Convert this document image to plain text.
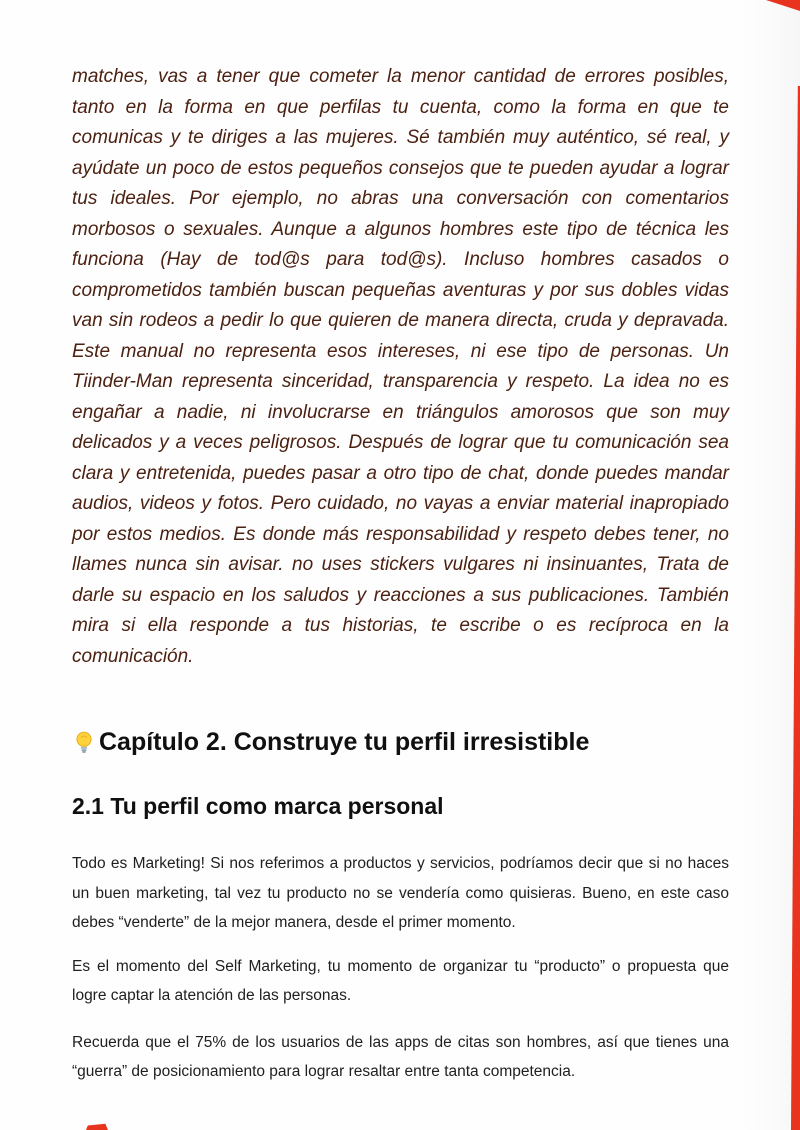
matches, vas a tener que cometer la menor cantidad de errores posibles, tanto en la forma en que perfilas tu cuenta, como la forma en que te comunicas y te diriges a las mujeres. Sé también muy auténtico, sé real, y ayúdate un poco de estos pequeños consejos que te pueden ayudar a lograr tus ideales. Por ejemplo, no abras una conversación con comentarios morbosos o sexuales. Aunque a algunos hombres este tipo de técnica les funciona (Hay de tod@s para tod@s). Incluso hombres casados o comprometidos también buscan pequeñas aventuras y por sus dobles vidas van sin rodeos a pedir lo que quieren de manera directa, cruda y depravada. Este manual no representa esos intereses, ni ese tipo de personas. Un Tiinder-Man representa sinceridad, transparencia y respeto. La idea no es engañar a nadie, ni involucrarse en triángulos amorosos que son muy delicados y a veces peligrosos. Después de lograr que tu comunicación sea clara y entretenida, puedes pasar a otro tipo de chat, donde puedes mandar audios, videos y fotos. Pero cuidado, no vayas a enviar material inapropiado por estos medios. Es donde más responsabilidad y respeto debes tener, no llames nunca sin avisar. no uses stickers vulgares ni insinuantes, Trata de darle su espacio en los saludos y reacciones a sus publicaciones. También mira si ella responde a tus historias, te escribe o es recíproca en la comunicación.

Capítulo 2. Construye tu perfil irresistible
2.1 Tu perfil como marca personal

Todo es Marketing! Si nos referimos a productos y servicios, podríamos decir que si no haces un buen marketing, tal vez tu producto no se vendería como quisieras. Bueno, en este caso debes “venderte” de la mejor manera, desde el primer momento.

Es el momento del Self Marketing, tu momento de organizar tu “producto” o propuesta que logre captar la atención de las personas.

Recuerda que el 75% de los usuarios de las apps de citas son hombres, así que tienes una “guerra” de posicionamiento para lograr resaltar entre tanta competencia.
